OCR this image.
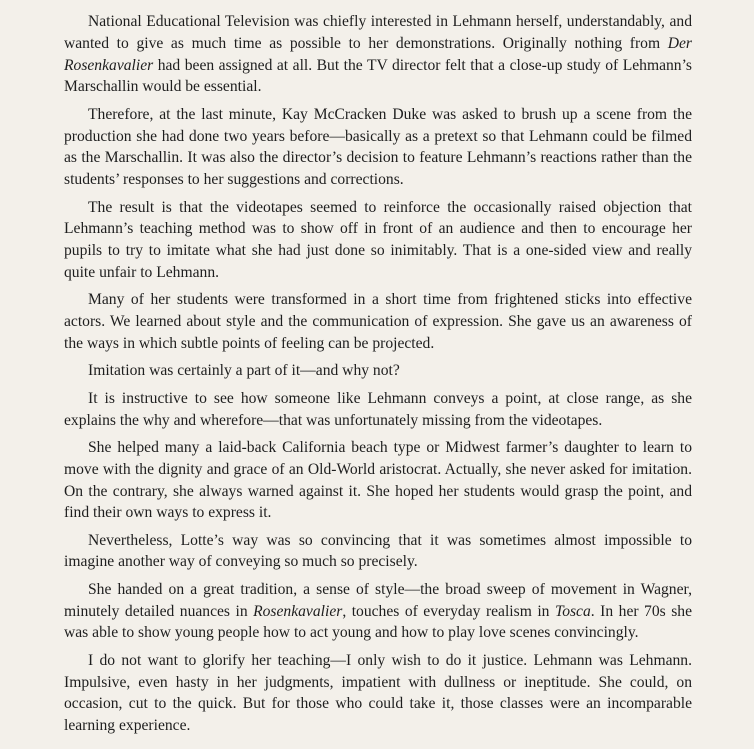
National Educational Television was chiefly interested in Lehmann herself, understandably, and wanted to give as much time as possible to her demonstrations. Originally nothing from Der Rosenkavalier had been assigned at all. But the TV director felt that a close-up study of Lehmann’s Marschallin would be essential.

Therefore, at the last minute, Kay McCracken Duke was asked to brush up a scene from the production she had done two years before—basically as a pretext so that Lehmann could be filmed as the Marschallin. It was also the director’s decision to feature Lehmann’s reactions rather than the students’ responses to her suggestions and corrections.

The result is that the videotapes seemed to reinforce the occasionally raised objection that Lehmann’s teaching method was to show off in front of an audience and then to encourage her pupils to try to imitate what she had just done so inimitably. That is a one-sided view and really quite unfair to Lehmann.

Many of her students were transformed in a short time from frightened sticks into effective actors. We learned about style and the communication of expression. She gave us an awareness of the ways in which subtle points of feeling can be projected.

Imitation was certainly a part of it—and why not?

It is instructive to see how someone like Lehmann conveys a point, at close range, as she explains the why and wherefore—that was unfortunately missing from the videotapes.

She helped many a laid-back California beach type or Midwest farmer’s daughter to learn to move with the dignity and grace of an Old-World aristocrat. Actually, she never asked for imitation. On the contrary, she always warned against it. She hoped her students would grasp the point, and find their own ways to express it.

Nevertheless, Lotte’s way was so convincing that it was sometimes almost impossible to imagine another way of conveying so much so precisely.

She handed on a great tradition, a sense of style—the broad sweep of movement in Wagner, minutely detailed nuances in Rosenkavalier, touches of everyday realism in Tosca. In her 70s she was able to show young people how to act young and how to play love scenes convincingly.

I do not want to glorify her teaching—I only wish to do it justice. Lehmann was Lehmann. Impulsive, even hasty in her judgments, impatient with dullness or ineptitude. She could, on occasion, cut to the quick. But for those who could take it, those classes were an incomparable learning experience.
